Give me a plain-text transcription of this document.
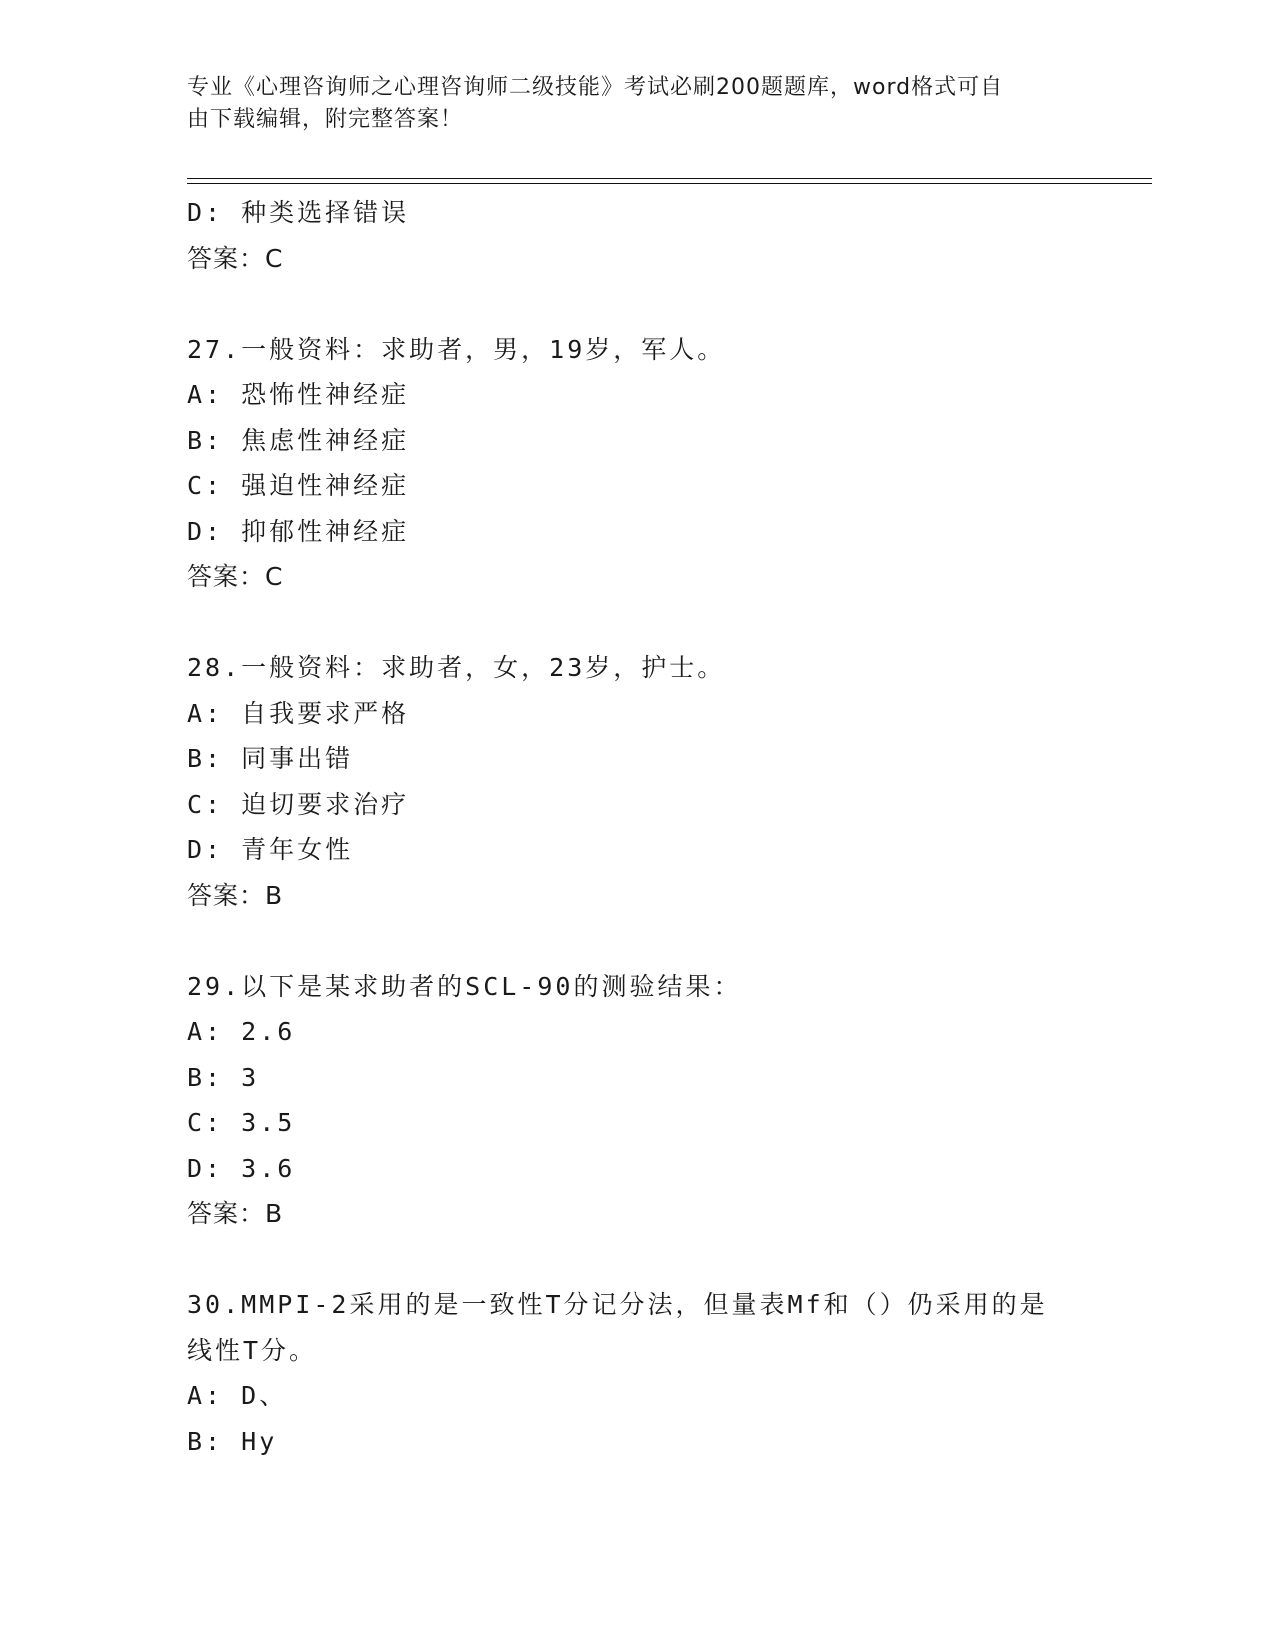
专业《心理咨询师之心理咨询师二级技能》考试必刷200题题库，word格式可自
由下载编辑，附完整答案！
D: 种类选择错误
答案：C
27.一般资料：求助者，男，19岁，军人。
A: 恐怖性神经症
B: 焦虑性神经症
C: 强迫性神经症
D: 抑郁性神经症
答案：C
28.一般资料：求助者，女，23岁，护士。
A: 自我要求严格
B: 同事出错
C: 迫切要求治疗
D: 青年女性
答案：B
29.以下是某求助者的SCL-90的测验结果：
A: 2.6
B: 3
C: 3.5
D: 3.6
答案：B
30.MMPI-2采用的是一致性T分记分法，但量表Mf和（）仍采用的是
线性T分。
A: D、
B: Hy
